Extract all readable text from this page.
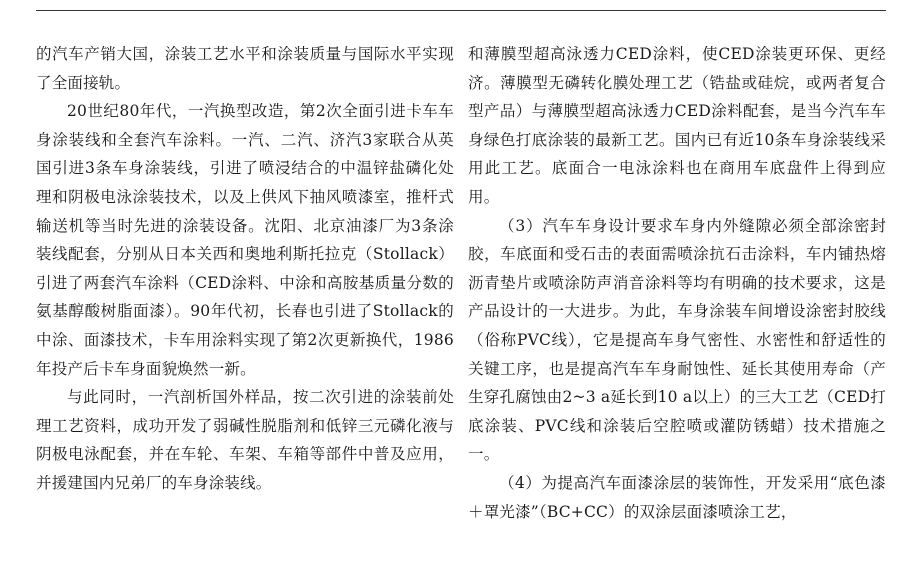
的汽车产销大国，涂装工艺水平和涂装质量与国际水平实现了全面接轨。

20世纪80年代，一汽换型改造，第2次全面引进卡车车身涂装线和全套汽车涂料。一汽、二汽、济汽3家联合从英国引进3条车身涂装线，引进了喷浸结合的中温锌盐磷化处理和阴极电泳涂装技术，以及上供风下抽风喷漆室，推杆式输送机等当时先进的涂装设备。沈阳、北京油漆厂为3条涂装线配套，分别从日本关西和奥地利斯托拉克（Stollack）引进了两套汽车涂料（CED涂料、中涂和高胺基质量分数的氨基醇酸树脂面漆）。90年代初，长春也引进了Stollack的中涂、面漆技术，卡车用涂料实现了第2次更新换代，1986年投产后卡车身面貌焕然一新。

与此同时，一汽剖析国外样品，按二次引进的涂装前处理工艺资料，成功开发了弱碱性脱脂剂和低锌三元磷化液与阴极电泳配套，并在车轮、车架、车箱等部件中普及应用，并援建国内兄弟厂的车身涂装线。

和薄膜型超高泳透力CED涂料，使CED涂装更环保、更经济。薄膜型无磷转化膜处理工艺（锆盐或硅烷，或两者复合型产品）与薄膜型超高泳透力CED涂料配套，是当今汽车车身绿色打底涂装的最新工艺。国内已有近10条车身涂装线采用此工艺。底面合一电泳涂料也在商用车底盘件上得到应用。

（3）汽车车身设计要求车身内外缝隙必须全部涂密封胶，车底面和受石击的表面需喷涂抗石击涂料，车内铺热熔沥青垫片或喷涂防声消音涂料等均有明确的技术要求，这是产品设计的一大进步。为此，车身涂装车间增设涂密封胶线（俗称PVC线），它是提高车身气密性、水密性和舒适性的关键工序，也是提高汽车车身耐蚀性、延长其使用寿命（产生穿孔腐蚀由2~3 a延长到10 a以上）的三大工艺（CED打底涂装、PVC线和涂装后空腔喷或灌防锈蜡）技术措施之一。

（4）为提高汽车面漆涂层的装饰性，开发采用“底色漆＋罩光漆”（BC+CC）的双涂层面漆喷涂工艺，
